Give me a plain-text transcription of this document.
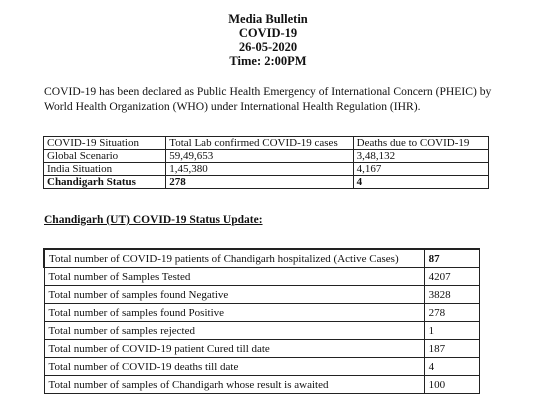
Media Bulletin
COVID-19
26-05-2020
Time: 2:00PM
COVID-19 has been declared as Public Health Emergency of International Concern (PHEIC) by World Health Organization (WHO) under International Health Regulation (IHR).
COVID-19 Situation	Total Lab confirmed COVID-19 cases	Deaths due to COVID-19
Global Scenario	59,49,653	3,48,132
India Situation	1,45,380	4,167
Chandigarh Status	278	4
Chandigarh (UT) COVID-19 Status Update:
Total number of COVID-19 patients of Chandigarh hospitalized (Active Cases)	87
Total number of Samples Tested	4207
Total number of samples found Negative	3828
Total number of samples found Positive	278
Total number of samples rejected	1
Total number of COVID-19 patient Cured till date	187
Total number of COVID-19 deaths till date	4
Total number of samples of Chandigarh whose result is awaited	100
